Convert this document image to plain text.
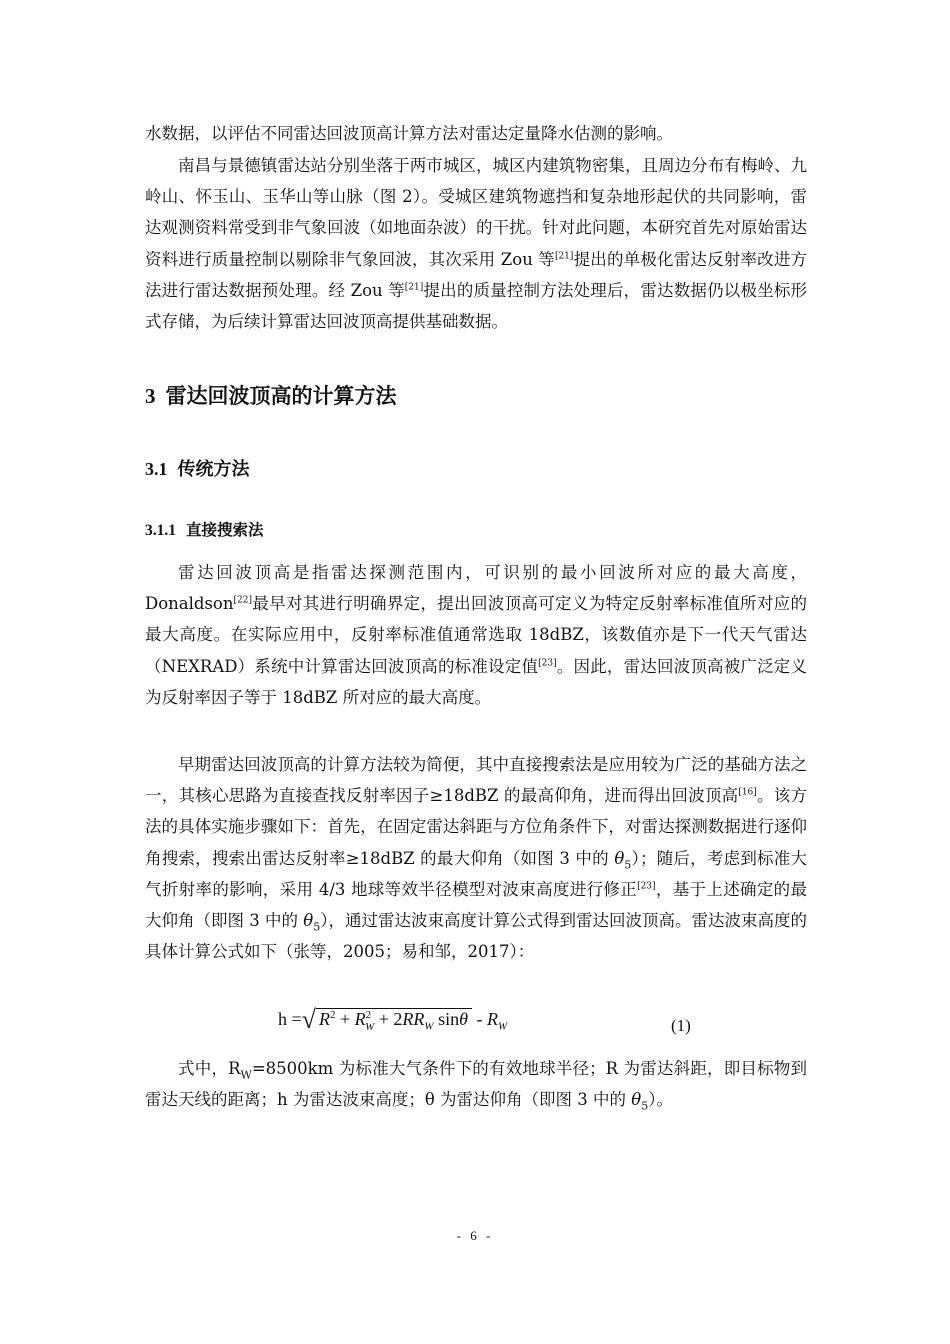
水数据，以评估不同雷达回波顶高计算方法对雷达定量降水估测的影响。

南昌与景德镇雷达站分别坐落于两市城区，城区内建筑物密集，且周边分布有梅岭、九岭山、怀玉山、玉华山等山脉（图 2）。受城区建筑物遮挡和复杂地形起伏的共同影响，雷达观测资料常受到非气象回波（如地面杂波）的干扰。针对此问题，本研究首先对原始雷达资料进行质量控制以剔除非气象回波，其次采用 Zou 等[21]提出的单极化雷达反射率改进方法进行雷达数据预处理。经 Zou 等[21]提出的质量控制方法处理后，雷达数据仍以极坐标形式存储，为后续计算雷达回波顶高提供基础数据。

3 雷达回波顶高的计算方法
3.1 传统方法
3.1.1 直接搜索法

雷达回波顶高是指雷达探测范围内，可识别的最小回波所对应的最大高度，Donaldson[22]最早对其进行明确界定，提出回波顶高可定义为特定反射率标准值所对应的最大高度。在实际应用中，反射率标准值通常选取 18dBZ，该数值亦是下一代天气雷达（NEXRAD）系统中计算雷达回波顶高的标准设定值[23]。因此，雷达回波顶高被广泛定义为反射率因子等于 18dBZ 所对应的最大高度。

早期雷达回波顶高的计算方法较为简便，其中直接搜索法是应用较为广泛的基础方法之一，其核心思路为直接查找反射率因子≥18dBZ 的最高仰角，进而得出回波顶高[16]。该方法的具体实施步骤如下：首先，在固定雷达斜距与方位角条件下，对雷达探测数据进行逐仰角搜索，搜索出雷达反射率≥18dBZ 的最大仰角（如图 3 中的 $\theta_5$）；随后，考虑到标准大气折射率的影响，采用 4/3 地球等效半径模型对波束高度进行修正[23]，基于上述确定的最大仰角（即图 3 中的 $\theta_5$），通过雷达波束高度计算公式得到雷达回波顶高。雷达波束高度的具体计算公式如下（张等，2005；易和邹，2017）：

h =√ $R^2 + R^2_W + 2RR_W$ sinθ - $R_W$	(1)

式中，$R_W=8500km$ 为标准大气条件下的有效地球半径；R 为雷达斜距，即目标物到雷达天线的距离；h 为雷达波束高度；θ 为雷达仰角（即图 3 中的 $\theta_5$）。

- 6 -
